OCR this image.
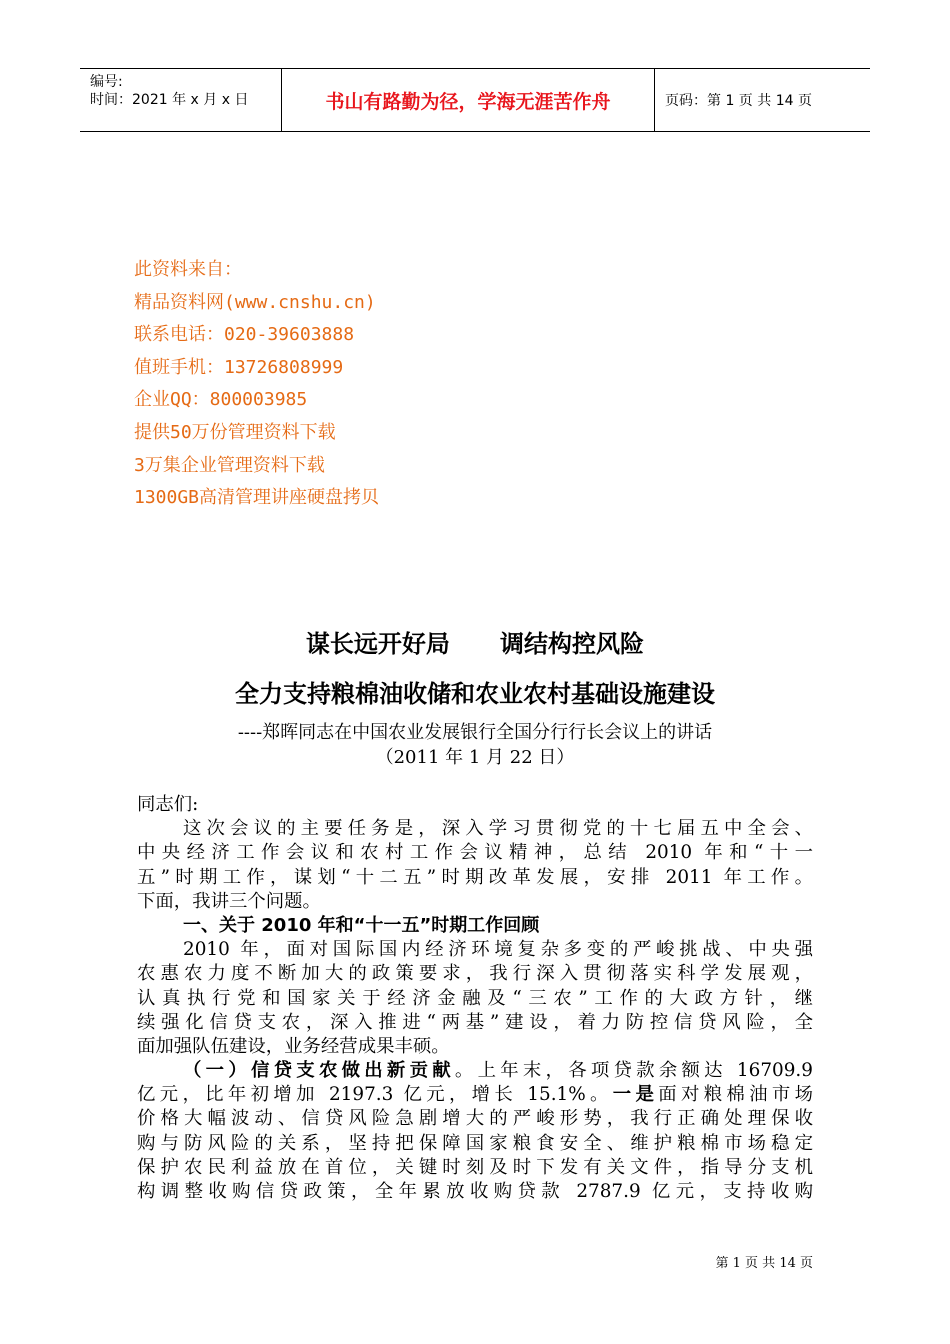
编号:
时间：2021 年 x 月 x 日	书山有路勤为径，学海无涯苦作舟	页码：第 1 页 共 14 页
此资料来自：
精品资料网(www.cnshu.cn)
联系电话：020-39603888
值班手机：13726808999
企业QQ：800003985
提供50万份管理资料下载
3万集企业管理资料下载
1300GB高清管理讲座硬盘拷贝
谋长远开好局      调结构控风险
全力支持粮棉油收储和农业农村基础设施建设
----郑晖同志在中国农业发展银行全国分行行长会议上的讲话
（2011 年 1 月 22 日）
同志们:
这次会议的主要任务是，深入学习贯彻党的十七届五中全会、
中央经济工作会议和农村工作会议精神，总结 2010 年和“十一
五”时期工作，谋划“十二五”时期改革发展，安排 2011 年工作。
下面，我讲三个问题。
一、关于 2010 年和“十一五”时期工作回顾
2010 年，面对国际国内经济环境复杂多变的严峻挑战、中央强
农惠农力度不断加大的政策要求，我行深入贯彻落实科学发展观，
认真执行党和国家关于经济金融及“三农”工作的大政方针，继
续强化信贷支农，深入推进“两基”建设，着力防控信贷风险，全
面加强队伍建设，业务经营成果丰硕。
（一）信贷支农做出新贡献。上年末，各项贷款余额达 16709.9
亿元，比年初增加 2197.3 亿元，增长 15.1%。一是面对粮棉油市场
价格大幅波动、信贷风险急剧增大的严峻形势，我行正确处理保收
购与防风险的关系，坚持把保障国家粮食安全、维护粮棉市场稳定
保护农民利益放在首位，关键时刻及时下发有关文件，指导分支机
构调整收购信贷政策，全年累放收购贷款 2787.9 亿元，支持收购
第 1 页 共 14 页
